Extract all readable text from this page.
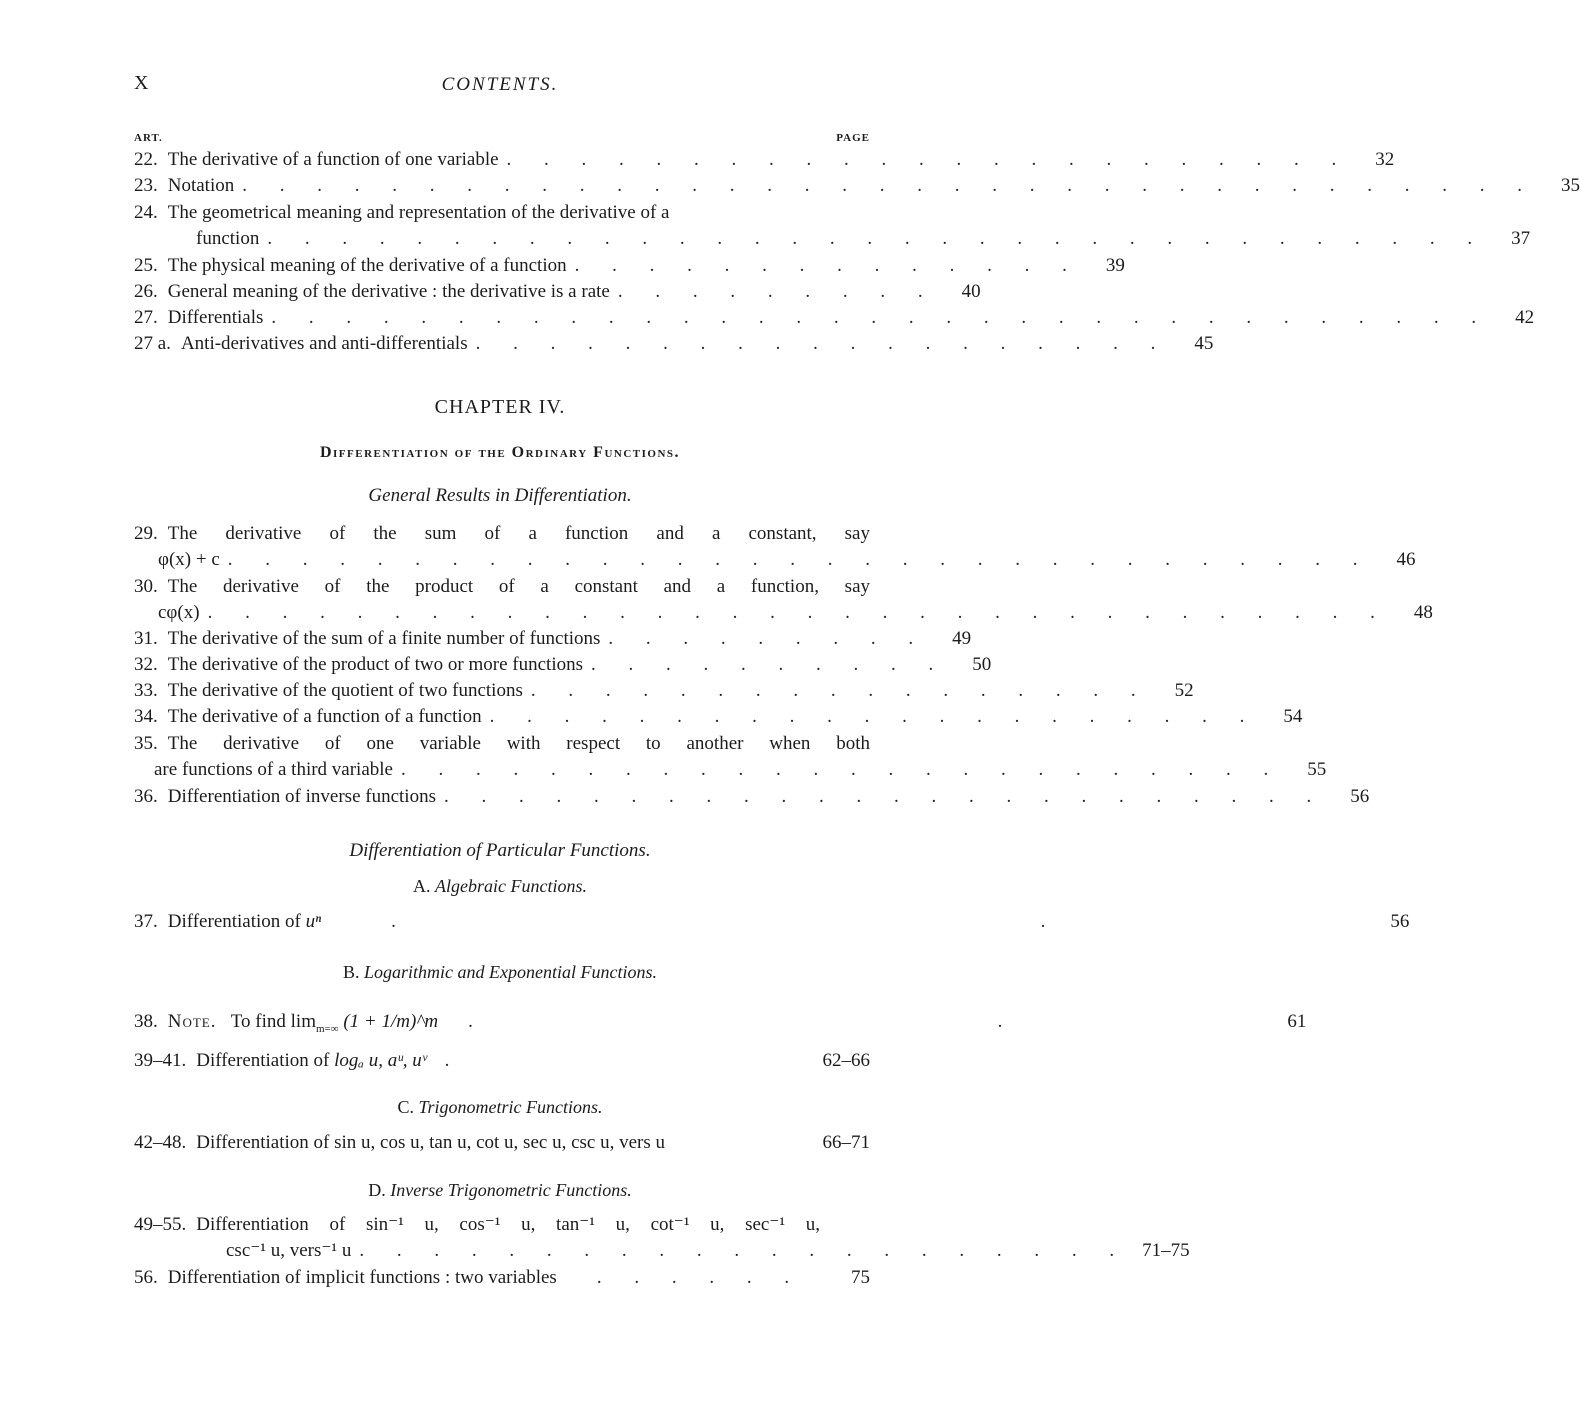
X	CONTENTS.
ART.	PAGE
22. The derivative of a function of one variable . . . . . . . . . . . . . . . . . . . . . . .	32
23. Notation . . . . . . . . . . . . . . . . . . . . . . . . . . . . . . . . . . .	35
24. The geometrical meaning and representation of the derivative of a
function . . . . . . . . . . . . . . . . . . . . . . . . . . . . . . . . .	37
25. The physical meaning of the derivative of a function . . . . . . . . . . . . . .	39
26. General meaning of the derivative : the derivative is a rate . . . . . . . . .	40
27. Differentials . . . . . . . . . . . . . . . . . . . . . . . . . . . . . . . . .	42
27 a. Anti-derivatives and anti-differentials . . . . . . . . . . . . . . . . . . .	45
CHAPTER IV.
Differentiation of the Ordinary Functions.
General Results in Differentiation.
29. The derivative of the sum of a function and a constant, say
φ(x) + c . . . . . . . . . . . . . . . . . . . . . . . . . . . . . . .	46
30. The derivative of the product of a constant and a function, say
cφ(x) . . . . . . . . . . . . . . . . . . . . . . . . . . . . . . . .	48
31. The derivative of the sum of a finite number of functions . . . . . . . . .	49
32. The derivative of the product of two or more functions . . . . . . . . . .	50
33. The derivative of the quotient of two functions . . . . . . . . . . . . . . . . .	52
34. The derivative of a function of a function . . . . . . . . . . . . . . . . . . . . .	54
35. The derivative of one variable with respect to another when both
are functions of a third variable . . . . . . . . . . . . . . . . . . . . . . . .	55
36. Differentiation of inverse functions . . . . . . . . . . . . . . . . . . . . . . . .	56
Differentiation of Particular Functions.
A. Algebraic Functions.
37. Differentiation of uⁿ	. .	56
B. Logarithmic and Exponential Functions.
38. Note. To find $\lim_{m=\infty} (1$ + 1/m)^m	. .	61
39–41. Differentiation of logₐ u, aᵘ, uᵛ .	62–66
C. Trigonometric Functions.
42–48. Differentiation of sin u, cos u, tan u, cot u, sec u, csc u, vers u	66–71
D. Inverse Trigonometric Functions.
49–55. Differentiation of sin⁻¹ u, cos⁻¹ u, tan⁻¹ u, cot⁻¹ u, sec⁻¹ u,
csc⁻¹ u, vers⁻¹ u . . . . . . . . . . . . . . . . . . . . . 71–75
56. Differentiation of implicit functions : two variables	. . . . . .	75
